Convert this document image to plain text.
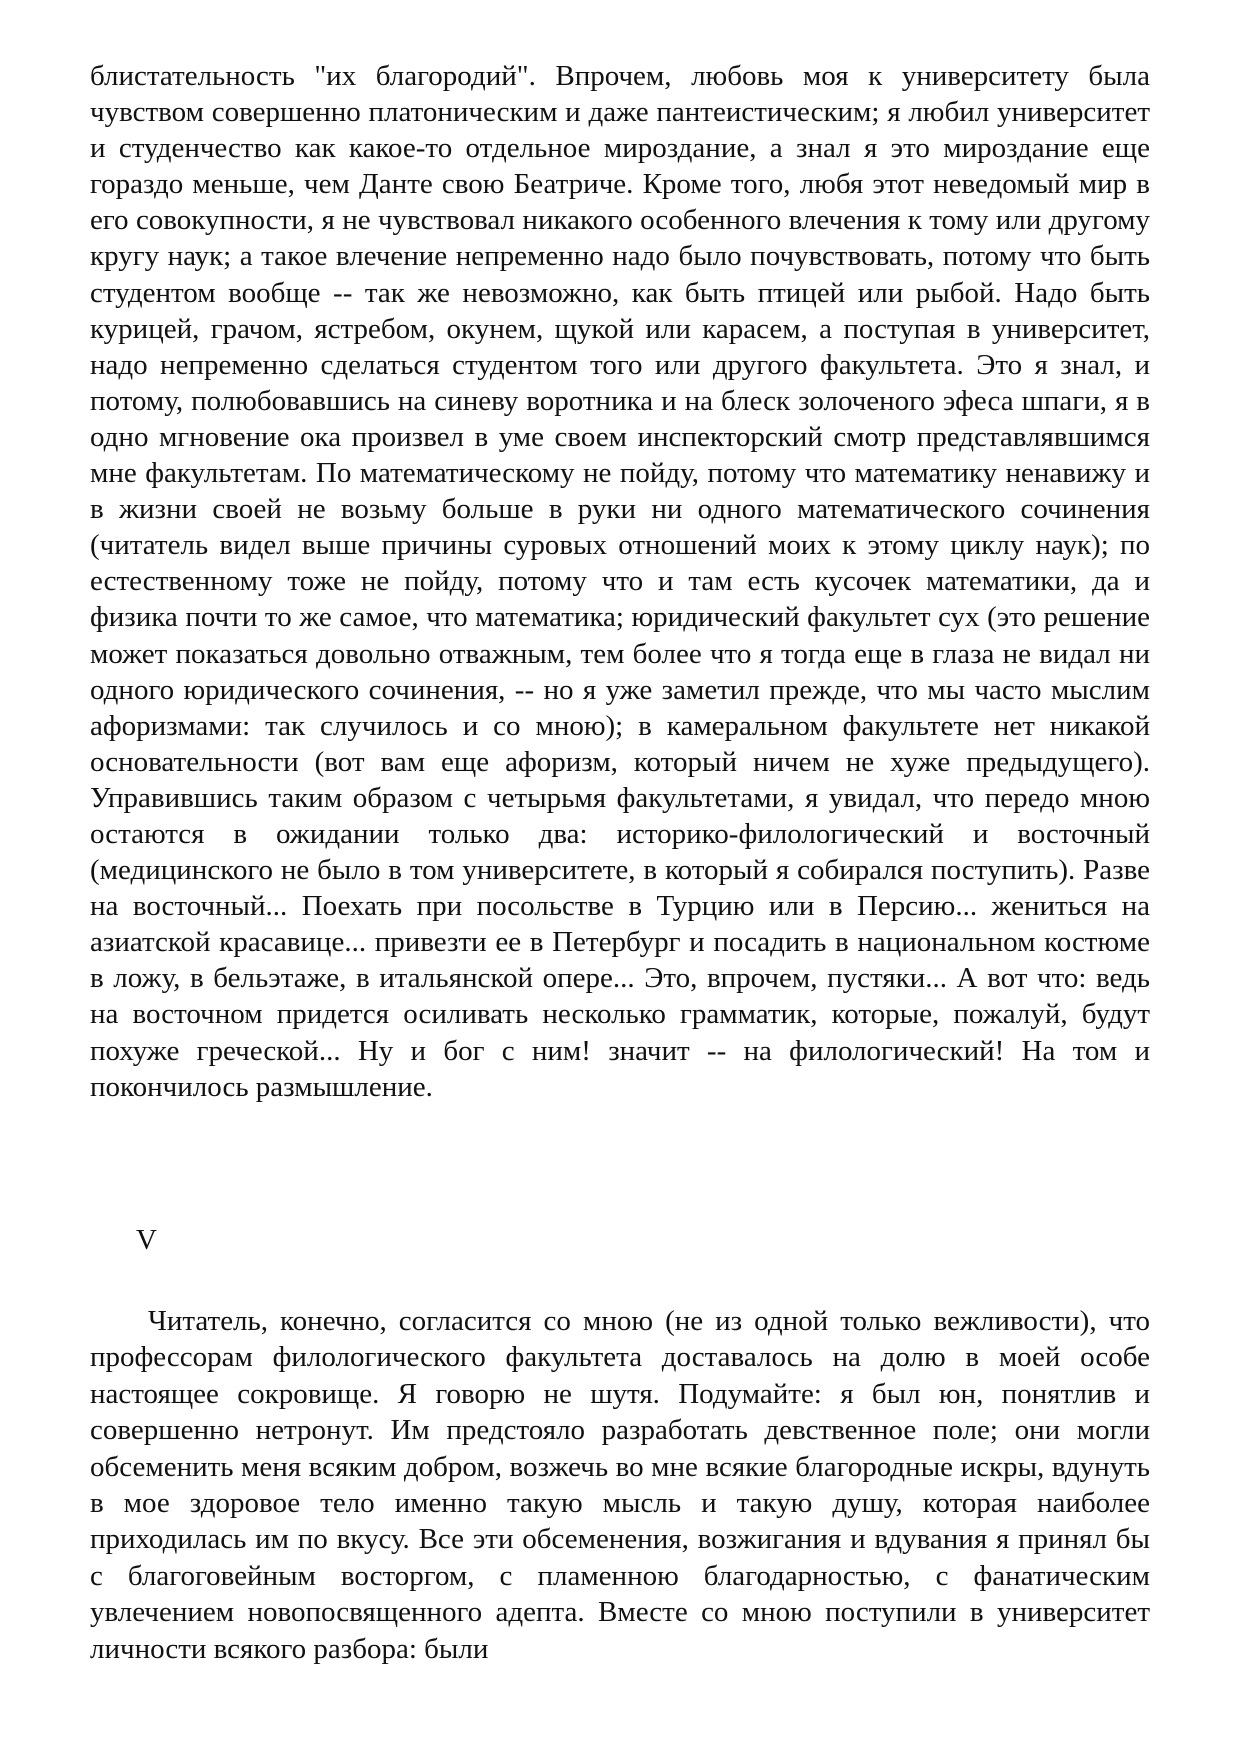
блистательность "их благородий". Впрочем, любовь моя к университету была чувством совершенно платоническим и даже пантеистическим; я любил университет и студенчество как какое-то отдельное мироздание, а знал я это мироздание еще гораздо меньше, чем Данте свою Беатриче. Кроме того, любя этот неведомый мир в его совокупности, я не чувствовал никакого особенного влечения к тому или другому кругу наук; а такое влечение непременно надо было почувствовать, потому что быть студентом вообще -- так же невозможно, как быть птицей или рыбой. Надо быть курицей, грачом, ястребом, окунем, щукой или карасем, а поступая в университет, надо непременно сделаться студентом того или другого факультета. Это я знал, и потому, полюбовавшись на синеву воротника и на блеск золоченого эфеса шпаги, я в одно мгновение ока произвел в уме своем инспекторский смотр представлявшимся мне факультетам. По математическому не пойду, потому что математику ненавижу и в жизни своей не возьму больше в руки ни одного математического сочинения (читатель видел выше причины суровых отношений моих к этому циклу наук); по естественному тоже не пойду, потому что и там есть кусочек математики, да и физика почти то же самое, что математика; юридический факультет сух (это решение может показаться довольно отважным, тем более что я тогда еще в глаза не видал ни одного юридического сочинения, -- но я уже заметил прежде, что мы часто мыслим афоризмами: так случилось и со мною); в камеральном факультете нет никакой основательности (вот вам еще афоризм, который ничем не хуже предыдущего). Управившись таким образом с четырьмя факультетами, я увидал, что передо мною остаются в ожидании только два: историко-филологический и восточный (медицинского не было в том университете, в который я собирался поступить). Разве на восточный... Поехать при посольстве в Турцию или в Персию... жениться на азиатской красавице... привезти ее в Петербург и посадить в национальном костюме в ложу, в бельэтаже, в итальянской опере... Это, впрочем, пустяки... А вот что: ведь на восточном придется осиливать несколько грамматик, которые, пожалуй, будут похуже греческой... Ну и бог с ним! значит -- на филологический! На том и покончилось размышление.

V

Читатель, конечно, согласится со мною (не из одной только вежливости), что профессорам филологического факультета доставалось на долю в моей особе настоящее сокровище. Я говорю не шутя. Подумайте: я был юн, понятлив и совершенно нетронут. Им предстояло разработать девственное поле; они могли обсеменить меня всяким добром, возжечь во мне всякие благородные искры, вдунуть в мое здоровое тело именно такую мысль и такую душу, которая наиболее приходилась им по вкусу. Все эти обсеменения, возжигания и вдувания я принял бы с благоговейным восторгом, с пламенною благодарностью, с фанатическим увлечением новопосвященного адепта. Вместе со мною поступили в университет личности всякого разбора: были
